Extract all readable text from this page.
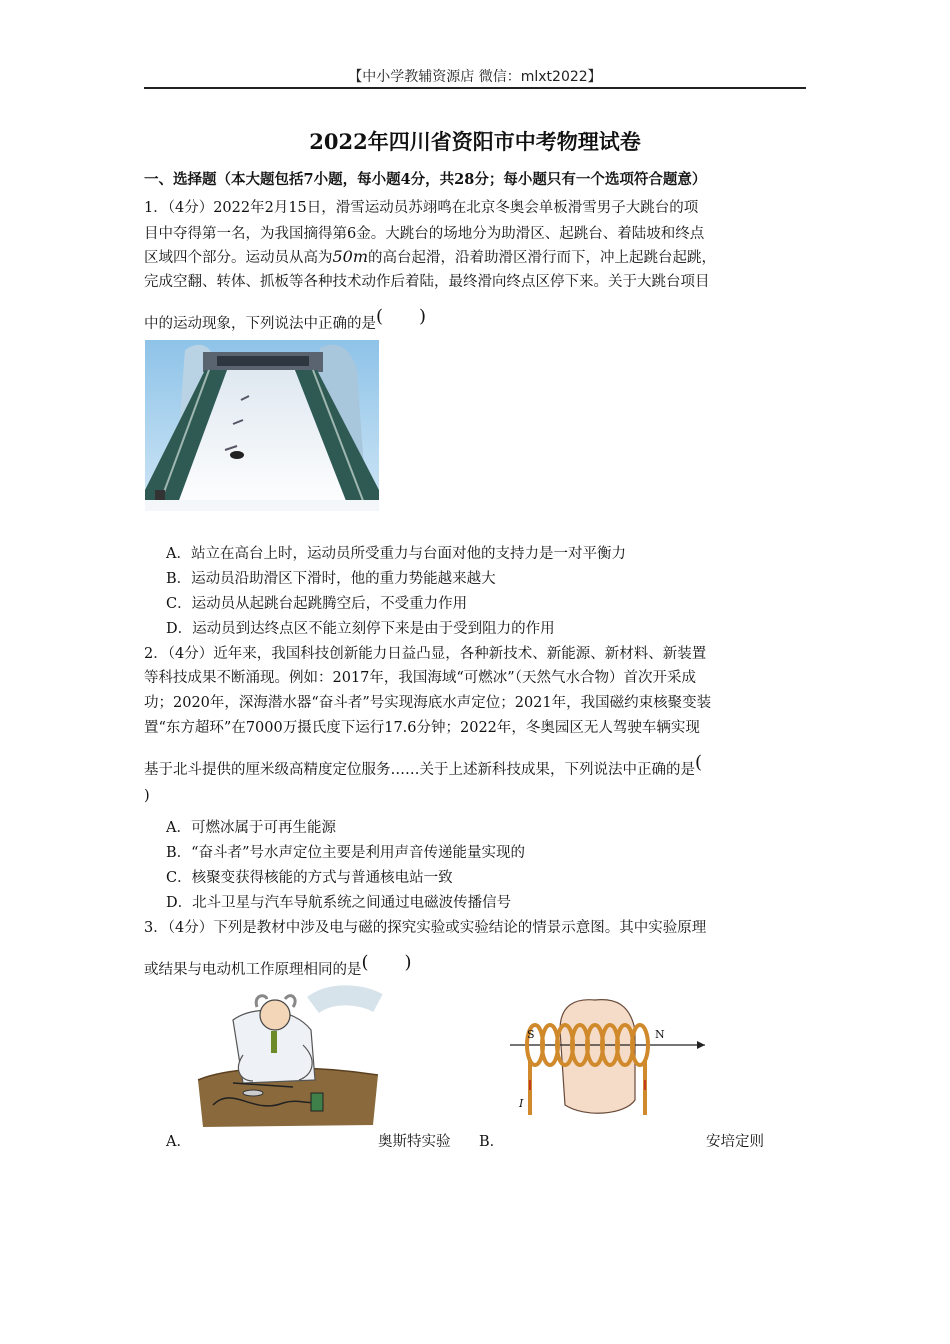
【中小学教辅资源店 微信：mlxt2022】
2022年四川省资阳市中考物理试卷
一、选择题（本大题包括7小题，每小题4分，共28分；每小题只有一个选项符合题意）
1．（4分）2022年2月15日，滑雪运动员苏翊鸣在北京冬奥会单板滑雪男子大跳台的项
目中夺得第一名，为我国摘得第6金。大跳台的场地分为助滑区、起跳台、着陆坡和终点
区域四个部分。运动员从高为50m的高台起滑，沿着助滑区滑行而下，冲上起跳台起跳，
完成空翻、转体、抓板等各种技术动作后着陆，最终滑向终点区停下来。关于大跳台项目
中的运动现象，下列说法中正确的是(　　)
A．站立在高台上时，运动员所受重力与台面对他的支持力是一对平衡力
B．运动员沿助滑区下滑时，他的重力势能越来越大
C．运动员从起跳台起跳腾空后，不受重力作用
D．运动员到达终点区不能立刻停下来是由于受到阻力的作用
2．（4分）近年来，我国科技创新能力日益凸显，各种新技术、新能源、新材料、新装置
等科技成果不断涌现。例如：2017年，我国海域“可燃冰”（天然气水合物）首次开采成
功；2020年，深海潜水器“奋斗者”号实现海底水声定位；2021年，我国磁约束核聚变装
置“东方超环”在7000万摄氏度下运行17.6分钟；2022年，冬奥园区无人驾驶车辆实现
基于北斗提供的厘米级高精度定位服务……关于上述新科技成果，下列说法中正确的是(
)
A．可燃冰属于可再生能源
B．“奋斗者”号水声定位主要是利用声音传递能量实现的
C．核聚变获得核能的方式与普通核电站一致
D．北斗卫星与汽车导航系统之间通过电磁波传播信号
3．（4分）下列是教材中涉及电与磁的探究实验或实验结论的情景示意图。其中实验原理
或结果与电动机工作原理相同的是(　　)
A．	奥斯特实验
S	N
I
B．	安培定则
